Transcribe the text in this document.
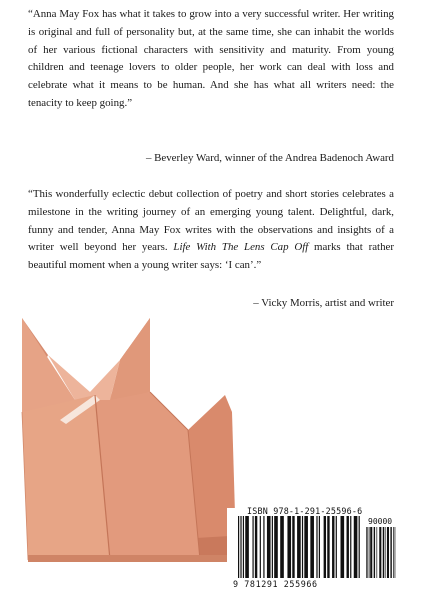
“Anna May Fox has what it takes to grow into a very successful writer. Her writing is original and full of personality but, at the same time, she can inhabit the worlds of her various fictional characters with sensitivity and maturity. From young children and teenage lovers to older people, her work can deal with loss and celebrate what it means to be human. And she has what all writers need: the tenacity to keep going.”

– Beverley Ward, winner of the Andrea Badenoch Award

“This wonderfully eclectic debut collection of poetry and short stories celebrates a milestone in the writing journey of an emerging young talent. Delightful, dark, funny and tender, Anna May Fox writes with the observations and insights of a writer well beyond her years. Life With The Lens Cap Off marks that rather beautiful moment when a young writer says: ‘I can’.”

– Vicky Morris, artist and writer

ISBN 978-1-291-25596-6
90000
9 781291 255966
